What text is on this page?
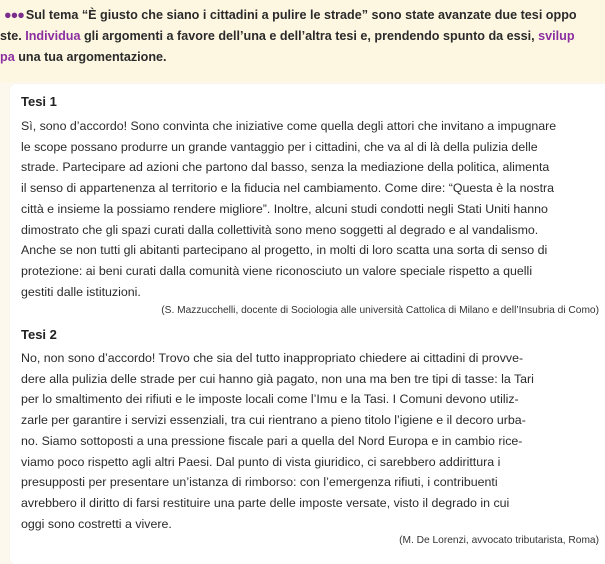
●●● Sul tema “È giusto che siano i cittadini a pulire le strade” sono state avanzate due tesi oppo
ste. Individua gli argomenti a favore dell’una e dell’altra tesi e, prendendo spunto da essi, svilup
pa una tua argomentazione.
Tesi 1
Sì, sono d’accordo! Sono convinta che iniziative come quella degli attori che invitano a impugnare
le scope possano produrre un grande vantaggio per i cittadini, che va al di là della pulizia delle
strade. Partecipare ad azioni che partono dal basso, senza la mediazione della politica, alimenta
il senso di appartenenza al territorio e la fiducia nel cambiamento. Come dire: “Questa è la nostra
città e insieme la possiamo rendere migliore”. Inoltre, alcuni studi condotti negli Stati Uniti hanno
dimostrato che gli spazi curati dalla collettività sono meno soggetti al degrado e al vandalismo.
Anche se non tutti gli abitanti partecipano al progetto, in molti di loro scatta una sorta di senso di
protezione: ai beni curati dalla comunità viene riconosciuto un valore speciale rispetto a quelli
gestiti dalle istituzioni.
(S. Mazzucchelli, docente di Sociologia alle università Cattolica di Milano e dell’Insubria di Como)
Tesi 2
No, non sono d’accordo! Trovo che sia del tutto inappropriato chiedere ai cittadini di provve-
dere alla pulizia delle strade per cui hanno già pagato, non una ma ben tre tipi di tasse: la Tari
per lo smaltimento dei rifiuti e le imposte locali come l’Imu e la Tasi. I Comuni devono utiliz-
zarle per garantire i servizi essenziali, tra cui rientrano a pieno titolo l’igiene e il decoro urba-
no. Siamo sottoposti a una pressione fiscale pari a quella del Nord Europa e in cambio rice-
viamo poco rispetto agli altri Paesi. Dal punto di vista giuridico, ci sarebbero addirittura i
presupposti per presentare un’istanza di rimborso: con l’emergenza rifiuti, i contribuenti
avrebbero il diritto di farsi restituire una parte delle imposte versate, visto il degrado in cui
oggi sono costretti a vivere.
(M. De Lorenzi, avvocato tributarista, Roma)
